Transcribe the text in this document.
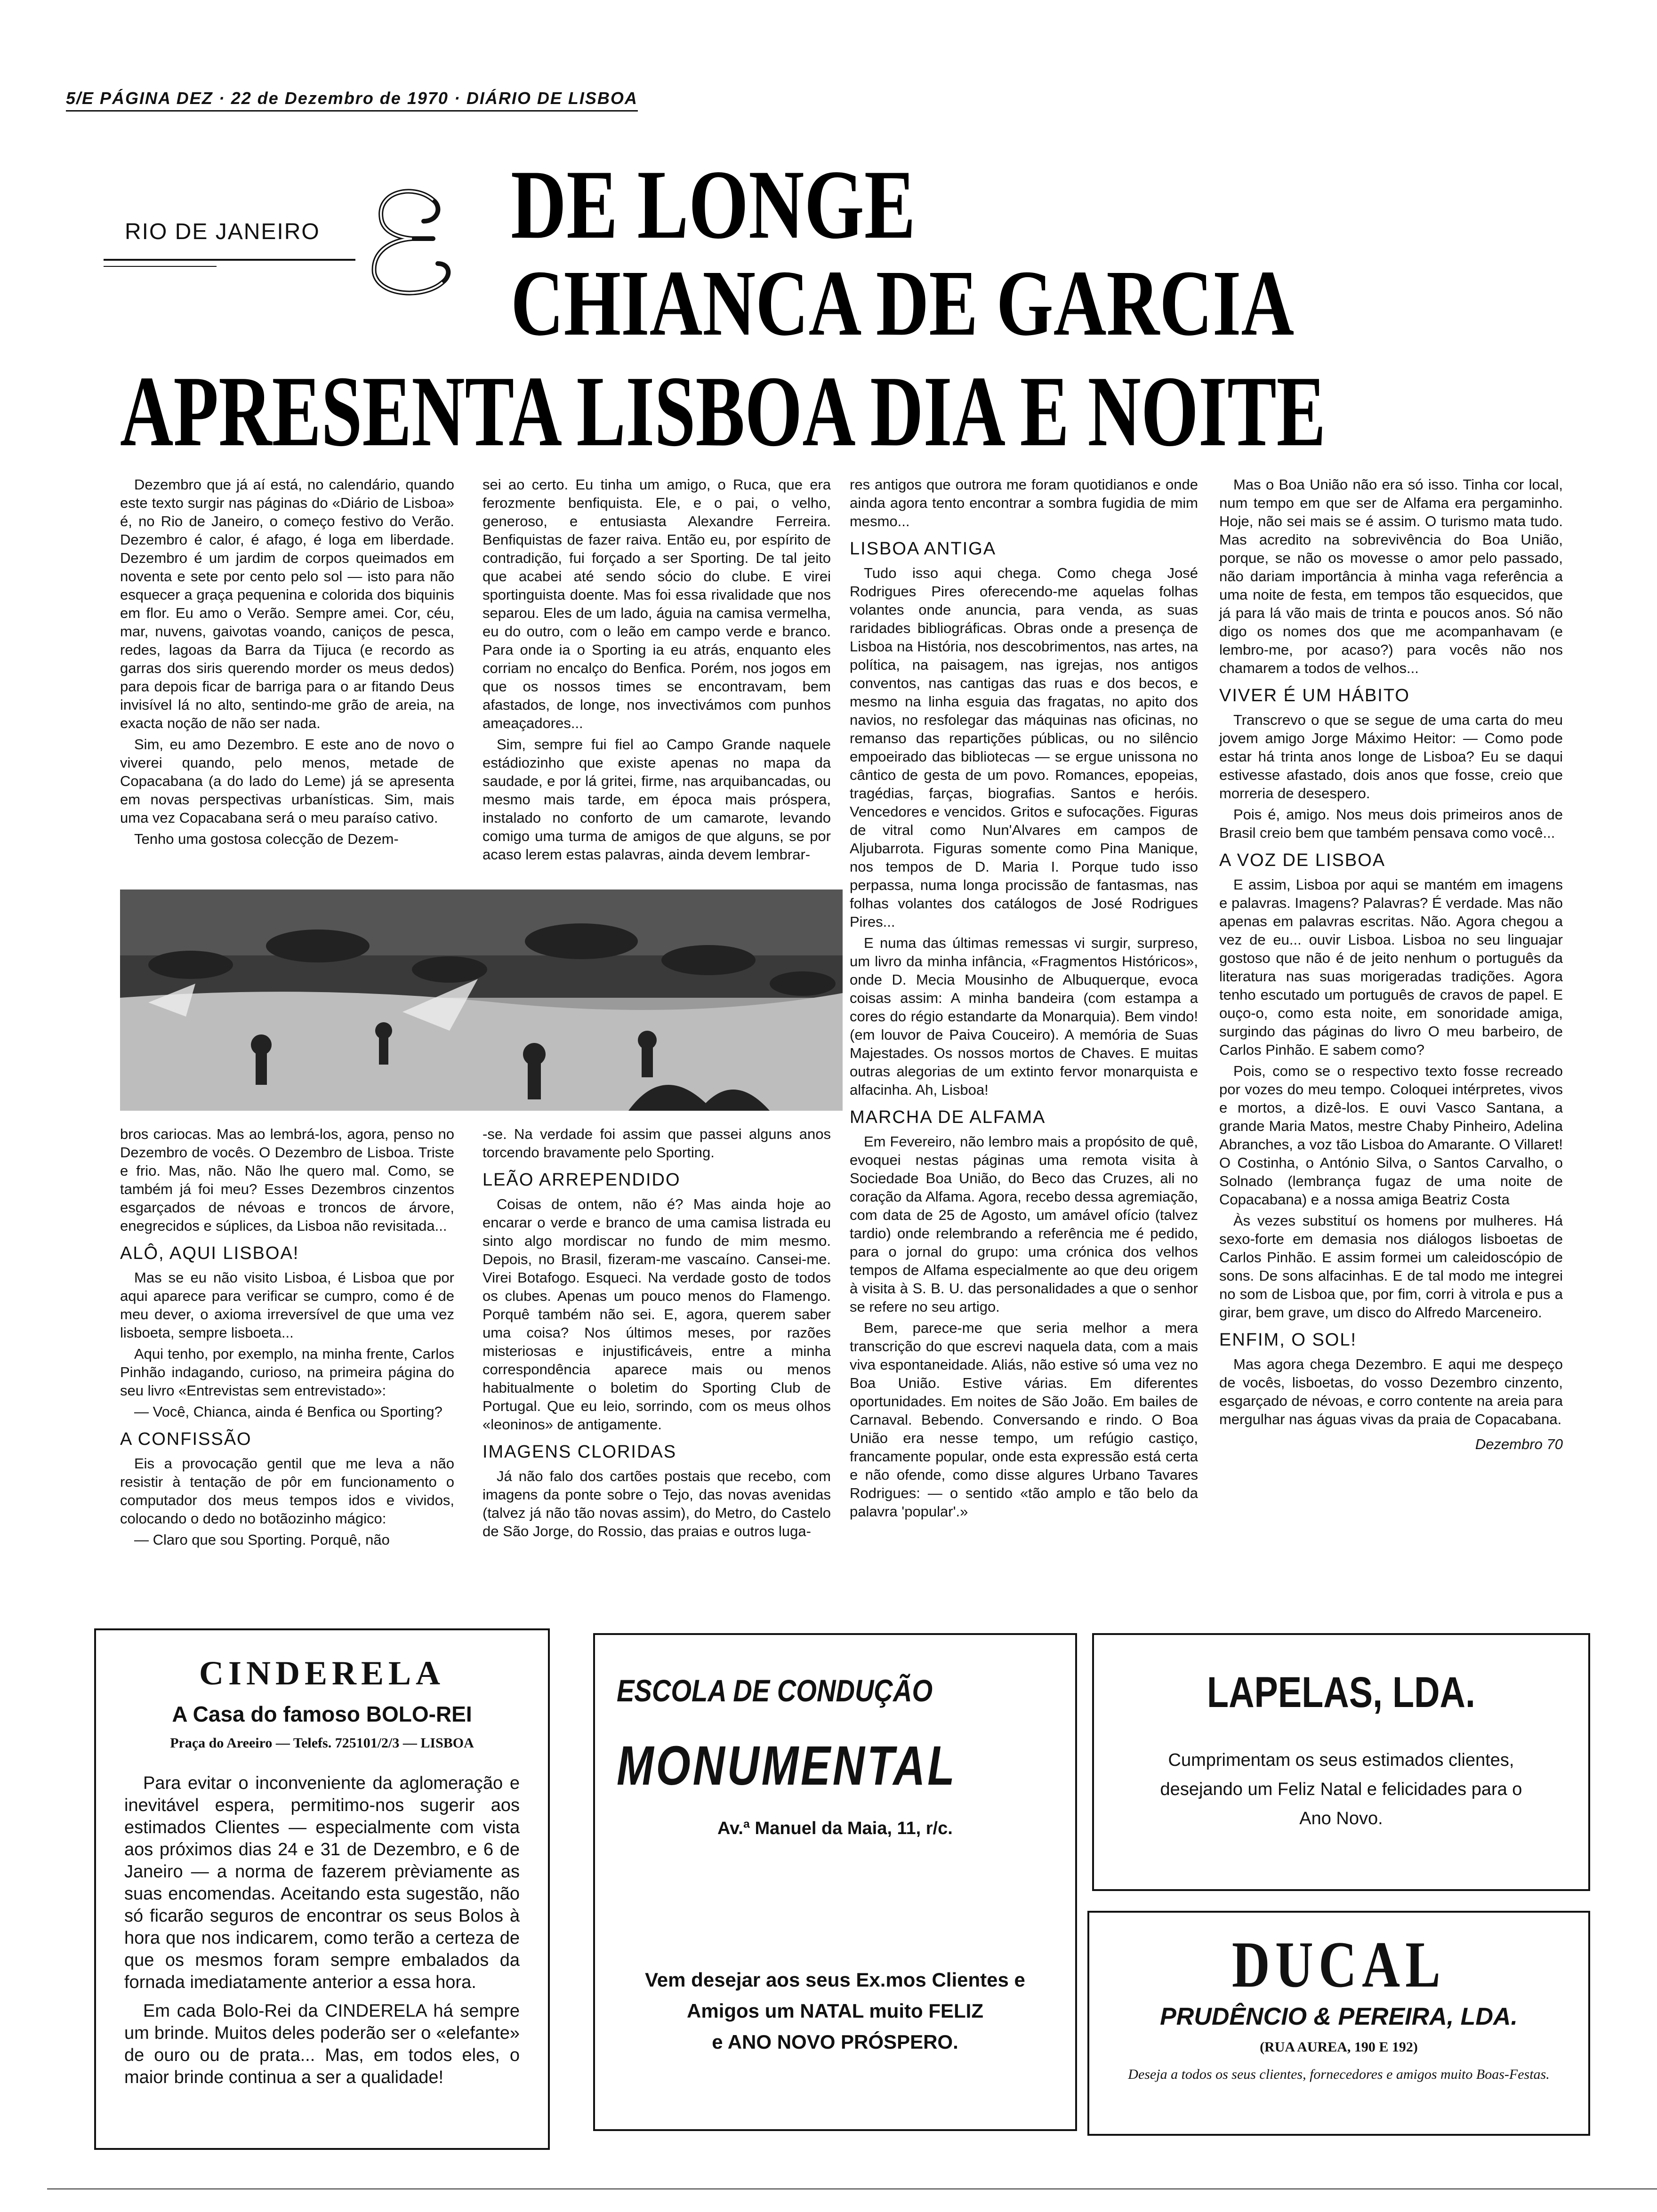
5/E PÁGINA DEZ · 22 de Dezembro de 1970 · DIÁRIO DE LISBOA
RIO DE JANEIRO DE LONGE
CHIANCA DE GARCIA
APRESENTA LISBOA DIA E NOITE

Dezembro que já aí está, no calendário, quando este texto surgir nas páginas do «Diário de Lisboa» é, no Rio de Janeiro, o começo festivo do Verão. Dezembro é calor, é afago, é loga em liberdade. Dezembro é um jardim de corpos queimados em noventa e sete por cento pelo sol — isto para não esquecer a graça pequenina e colorida dos biquinis em flor. Eu amo o Verão. Sempre amei. Cor, céu, mar, nuvens, gaivotas voando, caniços de pesca, redes, lagoas da Barra da Tijuca (e recordo as garras dos siris querendo morder os meus dedos) para depois ficar de barriga para o ar fitando Deus invisível lá no alto, sentindo-me grão de areia, na exacta noção de não ser nada.

Sim, eu amo Dezembro. E este ano de novo o viverei quando, pelo menos, metade de Copacabana (a do lado do Leme) já se apresenta em novas perspectivas urbanísticas. Sim, mais uma vez Copacabana será o meu paraíso cativo.

Tenho uma gostosa colecção de Dezem-

sei ao certo. Eu tinha um amigo, o Ruca, que era ferozmente benfiquista. Ele, e o pai, o velho, generoso, e entusiasta Alexandre Ferreira. Benfiquistas de fazer raiva. Então eu, por espírito de contradição, fui forçado a ser Sporting. De tal jeito que acabei até sendo sócio do clube. E virei sportinguista doente. Mas foi essa rivalidade que nos separou. Eles de um lado, águia na camisa vermelha, eu do outro, com o leão em campo verde e branco. Para onde ia o Sporting ia eu atrás, enquanto eles corriam no encalço do Benfica. Porém, nos jogos em que os nossos times se encontravam, bem afastados, de longe, nos invectivámos com punhos ameaçadores...

Sim, sempre fui fiel ao Campo Grande naquele estádiozinho que existe apenas no mapa da saudade, e por lá gritei, firme, nas arquibancadas, ou mesmo mais tarde, em época mais próspera, instalado no conforto de um camarote, levando comigo uma turma de amigos de que alguns, se por acaso lerem estas palavras, ainda devem lembrar-

res antigos que outrora me foram quotidianos e onde ainda agora tento encontrar a sombra fugidia de mim mesmo...

LISBOA ANTIGA

Tudo isso aqui chega. Como chega José Rodrigues Pires oferecendo-me aquelas folhas volantes onde anuncia, para venda, as suas raridades bibliográficas. Obras onde a presença de Lisboa na História, nos descobrimentos, nas artes, na política, na paisagem, nas igrejas, nos antigos conventos, nas cantigas das ruas e dos becos, e mesmo na linha esguia das fragatas, no apito dos navios, no resfolegar das máquinas nas oficinas, no remanso das repartições públicas, ou no silêncio empoeirado das bibliotecas — se ergue unissona no cântico de gesta de um povo. Romances, epopeias, tragédias, farças, biografias. Santos e heróis. Vencedores e vencidos. Gritos e sufocações. Figuras de vitral como Nun'Alvares em campos de Aljubarrota. Figuras somente como Pina Manique, nos tempos de D. Maria I. Porque tudo isso perpassa, numa longa procissão de fantasmas, nas folhas volantes dos catálogos de José Rodrigues Pires...

E numa das últimas remessas vi surgir, surpreso, um livro da minha infância, «Fragmentos Históricos», onde D. Mecia Mousinho de Albuquerque, evoca coisas assim: A minha bandeira (com estampa a cores do régio estandarte da Monarquia). Bem vindo! (em louvor de Paiva Couceiro). A memória de Suas Majestades. Os nossos mortos de Chaves. E muitas outras alegorias de um extinto fervor monarquista e alfacinha. Ah, Lisboa!

MARCHA DE ALFAMA

Em Fevereiro, não lembro mais a propósito de quê, evoquei nestas páginas uma remota visita à Sociedade Boa União, do Beco das Cruzes, ali no coração da Alfama. Agora, recebo dessa agremiação, com data de 25 de Agosto, um amável ofício (talvez tardio) onde relembrando a referência me é pedido, para o jornal do grupo: uma crónica dos velhos tempos de Alfama especialmente ao que deu origem à visita à S. B. U. das personalidades a que o senhor se refere no seu artigo.

Bem, parece-me que seria melhor a mera transcrição do que escrevi naquela data, com a mais viva espontaneidade. Aliás, não estive só uma vez no Boa União. Estive várias. Em diferentes oportunidades. Em noites de São João. Em bailes de Carnaval. Bebendo. Conversando e rindo. O Boa União era nesse tempo, um refúgio castiço, francamente popular, onde esta expressão está certa e não ofende, como disse algures Urbano Tavares Rodrigues: — o sentido «tão amplo e tão belo da palavra 'popular'.»

Mas o Boa União não era só isso. Tinha cor local, num tempo em que ser de Alfama era pergaminho. Hoje, não sei mais se é assim. O turismo mata tudo. Mas acredito na sobrevivência do Boa União, porque, se não os movesse o amor pelo passado, não dariam importância à minha vaga referência a uma noite de festa, em tempos tão esquecidos, que já para lá vão mais de trinta e poucos anos. Só não digo os nomes dos que me acompanhavam (e lembro-me, por acaso?) para vocês não nos chamarem a todos de velhos...

VIVER É UM HÁBITO

Transcrevo o que se segue de uma carta do meu jovem amigo Jorge Máximo Heitor: — Como pode estar há trinta anos longe de Lisboa? Eu se daqui estivesse afastado, dois anos que fosse, creio que morreria de desespero.

Pois é, amigo. Nos meus dois primeiros anos de Brasil creio bem que também pensava como você...

A VOZ DE LISBOA

E assim, Lisboa por aqui se mantém em imagens e palavras. Imagens? Palavras? É verdade. Mas não apenas em palavras escritas. Não. Agora chegou a vez de eu... ouvir Lisboa. Lisboa no seu linguajar gostoso que não é de jeito nenhum o português da literatura nas suas morigeradas tradições. Agora tenho escutado um português de cravos de papel. E ouço-o, como esta noite, em sonoridade amiga, surgindo das páginas do livro O meu barbeiro, de Carlos Pinhão. E sabem como?

Pois, como se o respectivo texto fosse recreado por vozes do meu tempo. Coloquei intérpretes, vivos e mortos, a dizê-los. E ouvi Vasco Santana, a grande Maria Matos, mestre Chaby Pinheiro, Adelina Abranches, a voz tão Lisboa do Amarante. O Villaret! O Costinha, o António Silva, o Santos Carvalho, o Solnado (lembrança fugaz de uma noite de Copacabana) e a nossa amiga Beatriz Costa

Às vezes substituí os homens por mulheres. Há sexo-forte em demasia nos diálogos lisboetas de Carlos Pinhão. E assim formei um caleidoscópio de sons. De sons alfacinhas. E de tal modo me integrei no som de Lisboa que, por fim, corri à vitrola e pus a girar, bem grave, um disco do Alfredo Marceneiro.

ENFIM, O SOL!

Mas agora chega Dezembro. E aqui me despeço de vocês, lisboetas, do vosso Dezembro cinzento, esgarçado de névoas, e corro contente na areia para mergulhar nas águas vivas da praia de Copacabana.

Dezembro 70

bros cariocas. Mas ao lembrá-los, agora, penso no Dezembro de vocês. O Dezembro de Lisboa. Triste e frio. Mas, não. Não lhe quero mal. Como, se também já foi meu? Esses Dezembros cinzentos esgarçados de névoas e troncos de árvore, enegrecidos e súplices, da Lisboa não revisitada...

ALÔ, AQUI LISBOA!

Mas se eu não visito Lisboa, é Lisboa que por aqui aparece para verificar se cumpro, como é de meu dever, o axioma irreversível de que uma vez lisboeta, sempre lisboeta...

Aqui tenho, por exemplo, na minha frente, Carlos Pinhão indagando, curioso, na primeira página do seu livro «Entrevistas sem entrevistado»:

— Você, Chianca, ainda é Benfica ou Sporting?

A CONFISSÃO

Eis a provocação gentil que me leva a não resistir à tentação de pôr em funcionamento o computador dos meus tempos idos e vividos, colocando o dedo no botãozinho mágico:

— Claro que sou Sporting. Porquê, não

-se. Na verdade foi assim que passei alguns anos torcendo bravamente pelo Sporting.

LEÃO ARREPENDIDO

Coisas de ontem, não é? Mas ainda hoje ao encarar o verde e branco de uma camisa listrada eu sinto algo mordiscar no fundo de mim mesmo. Depois, no Brasil, fizeram-me vascaíno. Cansei-me. Virei Botafogo. Esqueci. Na verdade gosto de todos os clubes. Apenas um pouco menos do Flamengo. Porquê também não sei. E, agora, querem saber uma coisa? Nos últimos meses, por razões misteriosas e injustificáveis, entre a minha correspondência aparece mais ou menos habitualmente o boletim do Sporting Club de Portugal. Que eu leio, sorrindo, com os meus olhos «leoninos» de antigamente.

IMAGENS CLORIDAS

Já não falo dos cartões postais que recebo, com imagens da ponte sobre o Tejo, das novas avenidas (talvez já não tão novas assim), do Metro, do Castelo de São Jorge, do Rossio, das praias e outros luga-

CINDERELA
A Casa do famoso BOLO-REI
Praça do Areeiro — Telefs. 725101/2/3 — LISBOA
Para evitar o inconveniente da aglomeração e inevitável espera, permitimo-nos sugerir aos estimados Clientes — especialmente com vista aos próximos dias 24 e 31 de Dezembro, e 6 de Janeiro — a norma de fazerem prèviamente as suas encomendas. Aceitando esta sugestão, não só ficarão seguros de encontrar os seus Bolos à hora que nos indicarem, como terão a certeza de que os mesmos foram sempre embalados da fornada imediatamente anterior a essa hora.
Em cada Bolo-Rei da CINDERELA há sempre um brinde. Muitos deles poderão ser o «elefante» de ouro ou de prata... Mas, em todos eles, o maior brinde continua a ser a qualidade!
ESCOLA DE CONDUÇÃO
MONUMENTAL
Av.ª Manuel da Maia, 11, r/c.
Vem desejar aos seus Ex.mos Clientes e
Amigos um NATAL muito FELIZ
e ANO NOVO PRÓSPERO.
LAPELAS, LDA.
Cumprimentam os seus estimados clientes, desejando um Feliz Natal e felicidades para o Ano Novo.
DUCAL
PRUDÊNCIO & PEREIRA, LDA.
(RUA AUREA, 190 E 192)
Deseja a todos os seus clientes, fornecedores e amigos muito Boas-Festas.
